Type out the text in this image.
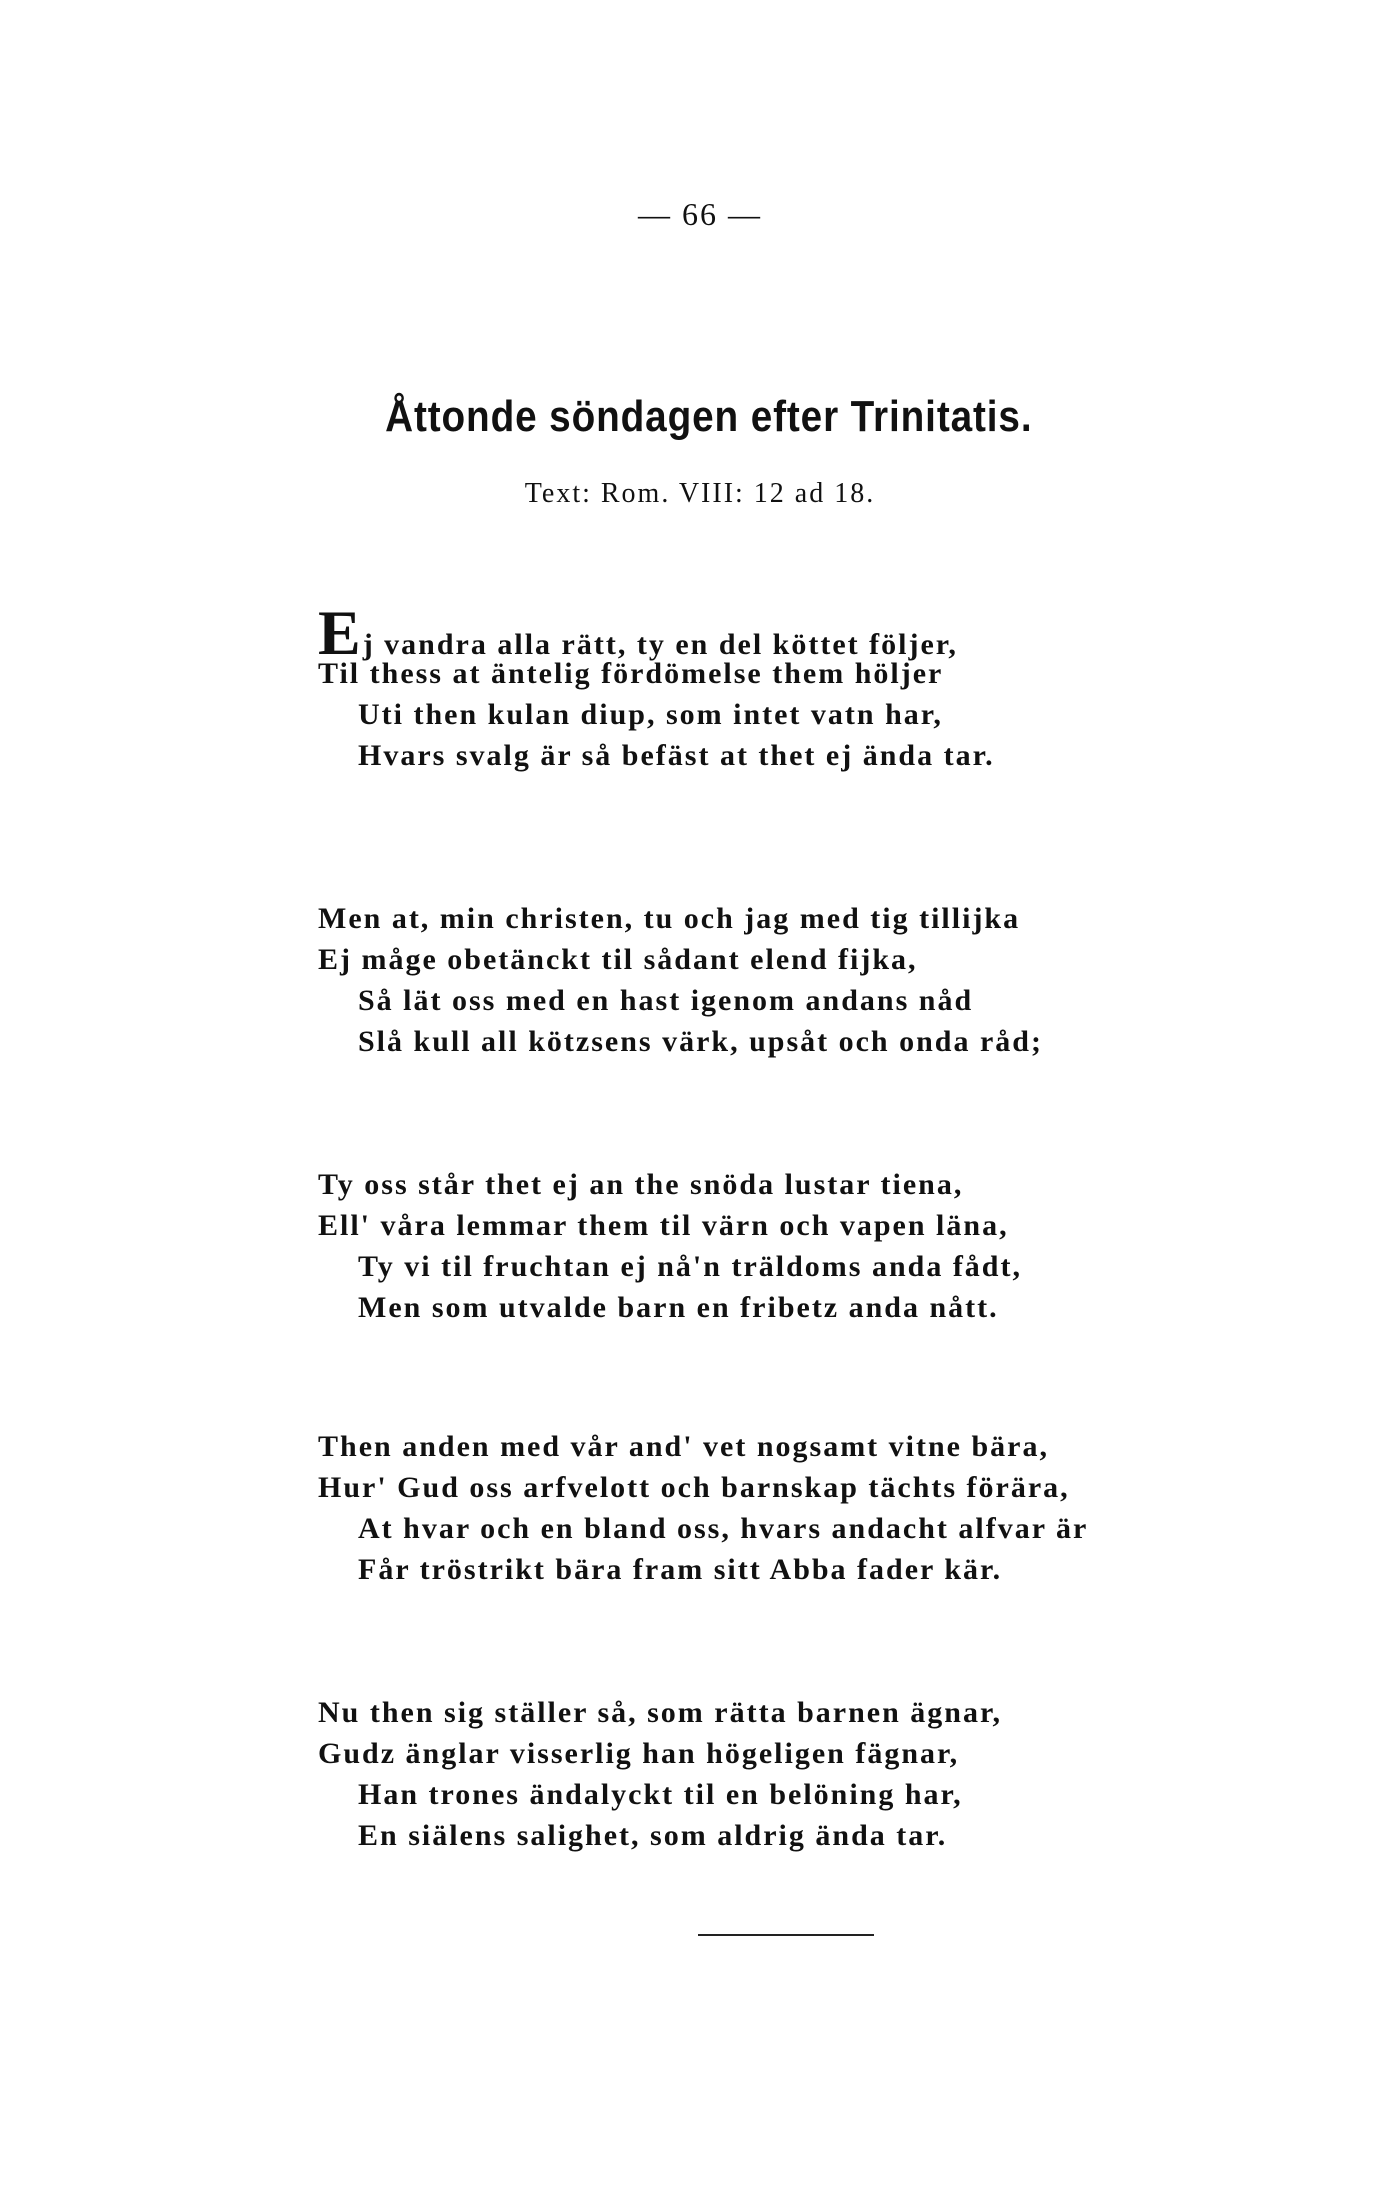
— 66 —
Åttonde söndagen efter Trinitatis.
Text: Rom. VIII: 12 ad 18.
Ej vandra alla rätt, ty en del köttet följer,
Til thess at äntelig fördömelse them höljer
Uti then kulan diup, som intet vatn har,
Hvars svalg är så befäst at thet ej ända tar.
Men at, min christen, tu och jag med tig tillijka
Ej måge obetänckt til sådant elend fijka,
Så lät oss med en hast igenom andans nåd
Slå kull all kötzsens värk, upsåt och onda råd;
Ty oss står thet ej an the snöda lustar tiena,
Ell' våra lemmar them til värn och vapen läna,
Ty vi til fruchtan ej nå'n träldoms anda fådt,
Men som utvalde barn en fribetz anda nått.
Then anden med vår and' vet nogsamt vitne bära,
Hur' Gud oss arfvelott och barnskap tächts förära,
At hvar och en bland oss, hvars andacht alfvar är
Får tröstrikt bära fram sitt Abba fader kär.
Nu then sig ställer så, som rätta barnen ägnar,
Gudz änglar visserlig han högeligen fägnar,
Han trones ändalyckt til en belöning har,
En siälens salighet, som aldrig ända tar.
